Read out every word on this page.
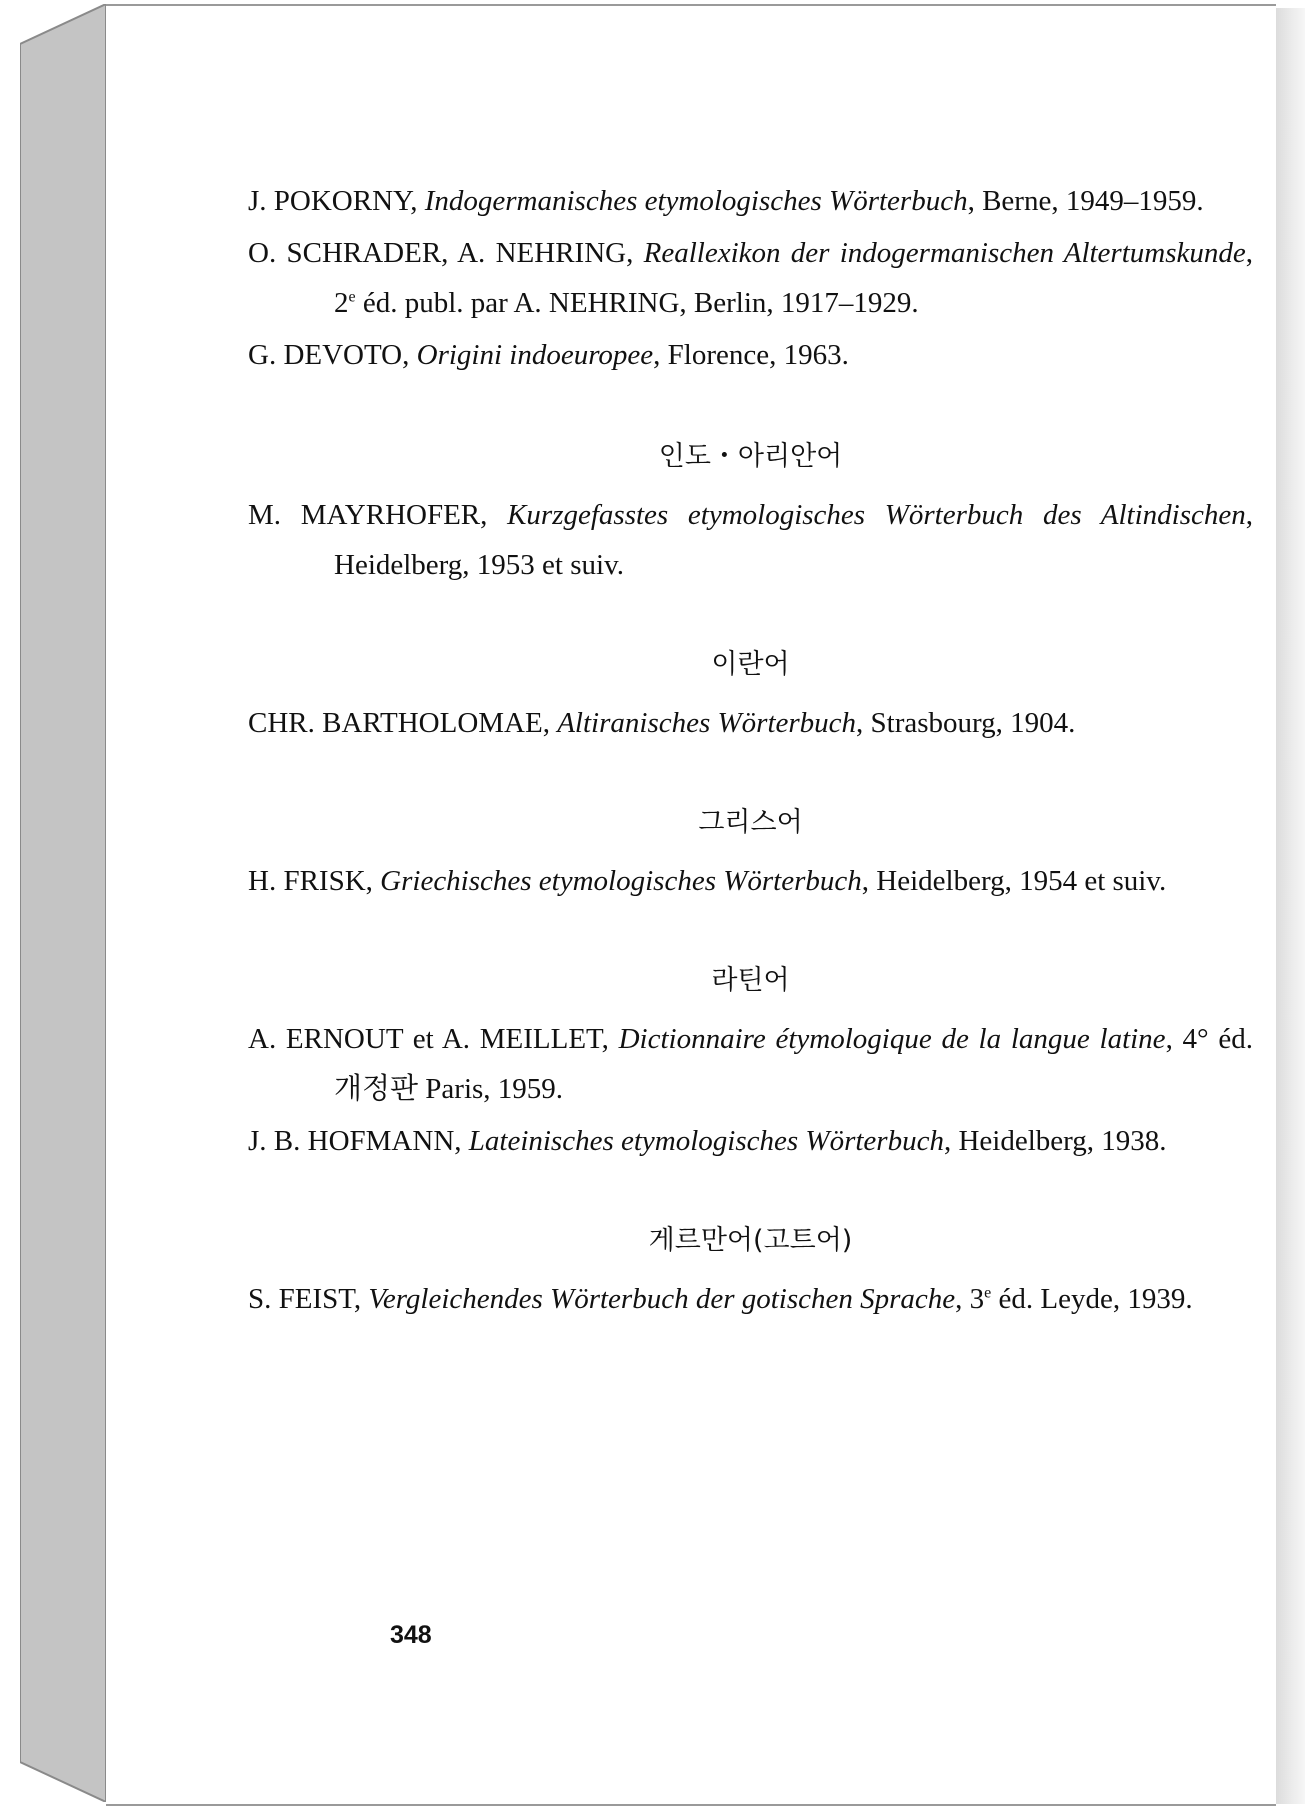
J. POKORNY, Indogermanisches etymologisches Wörterbuch, Berne, 1949–1959.
O. SCHRADER, A. NEHRING, Reallexikon der indogermanischen Altertumskunde, 2e éd. publ. par A. NEHRING, Berlin, 1917–1929.
G. DEVOTO, Origini indoeuropee, Florence, 1963.
인도・아리안어
M. MAYRHOFER, Kurzgefasstes etymologisches Wörterbuch des Altindischen, Heidelberg, 1953 et suiv.
이란어
CHR. BARTHOLOMAE, Altiranisches Wörterbuch, Strasbourg, 1904.
그리스어
H. FRISK, Griechisches etymologisches Wörterbuch, Heidelberg, 1954 et suiv.
라틴어
A. ERNOUT et A. MEILLET, Dictionnaire étymologique de la langue latine, 4° éd. 개정판 Paris, 1959.
J. B. HOFMANN, Lateinisches etymologisches Wörterbuch, Heidelberg, 1938.
게르만어(고트어)
S. FEIST, Vergleichendes Wörterbuch der gotischen Sprache, 3e éd. Leyde, 1939.
348
